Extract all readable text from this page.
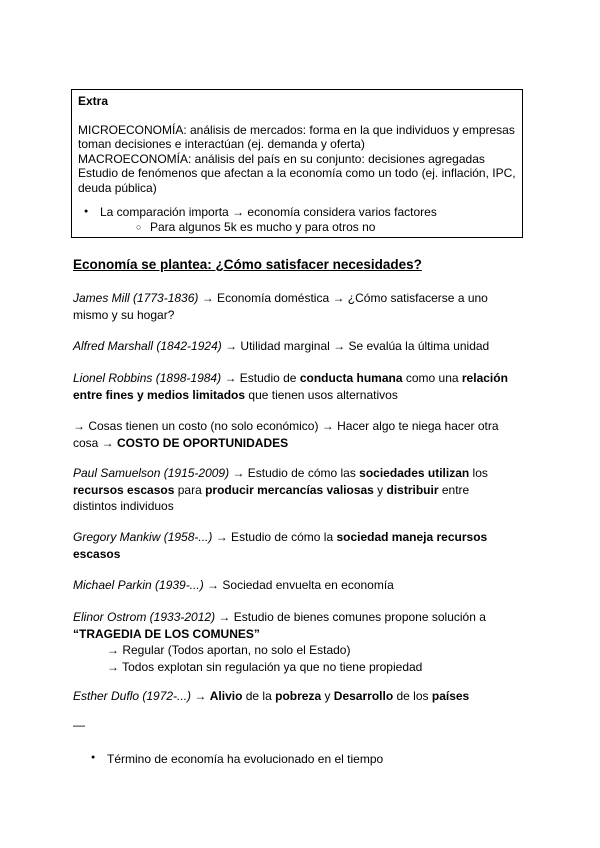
Extra
MICROECONOMÍA: análisis de mercados: forma en la que individuos y empresas toman decisiones e interactúan (ej. demanda y oferta)
MACROECONOMÍA: análisis del país en su conjunto: decisiones agregadas
Estudio de fenómenos que afectan a la economía como un todo (ej. inflación, IPC, deuda pública)
● La comparación importa → economía considera varios factores
○ Para algunos 5k es mucho y para otros no
Economía se plantea: ¿Cómo satisfacer necesidades?
James Mill (1773-1836) → Economía doméstica → ¿Cómo satisfacerse a uno mismo y su hogar?
Alfred Marshall (1842-1924) → Utilidad marginal → Se evalúa la última unidad
Lionel Robbins (1898-1984) → Estudio de conducta humana como una relación entre fines y medios limitados que tienen usos alternativos
→ Cosas tienen un costo (no solo económico) → Hacer algo te niega hacer otra cosa → COSTO DE OPORTUNIDADES
Paul Samuelson (1915-2009) → Estudio de cómo las sociedades utilizan los recursos escasos para producir mercancías valiosas y distribuir entre distintos individuos
Gregory Mankiw (1958-...) → Estudio de cómo la sociedad maneja recursos escasos
Michael Parkin (1939-...) → Sociedad envuelta en economía
Elinor Ostrom (1933-2012) → Estudio de bienes comunes propone solución a “TRAGEDIA DE LOS COMUNES”
→ Regular (Todos aportan, no solo el Estado)
→ Todos explotan sin regulación ya que no tiene propiedad
Esther Duflo (1972-...) → Alivio de la pobreza y Desarrollo de los países
—
● Término de economía ha evolucionado en el tiempo
